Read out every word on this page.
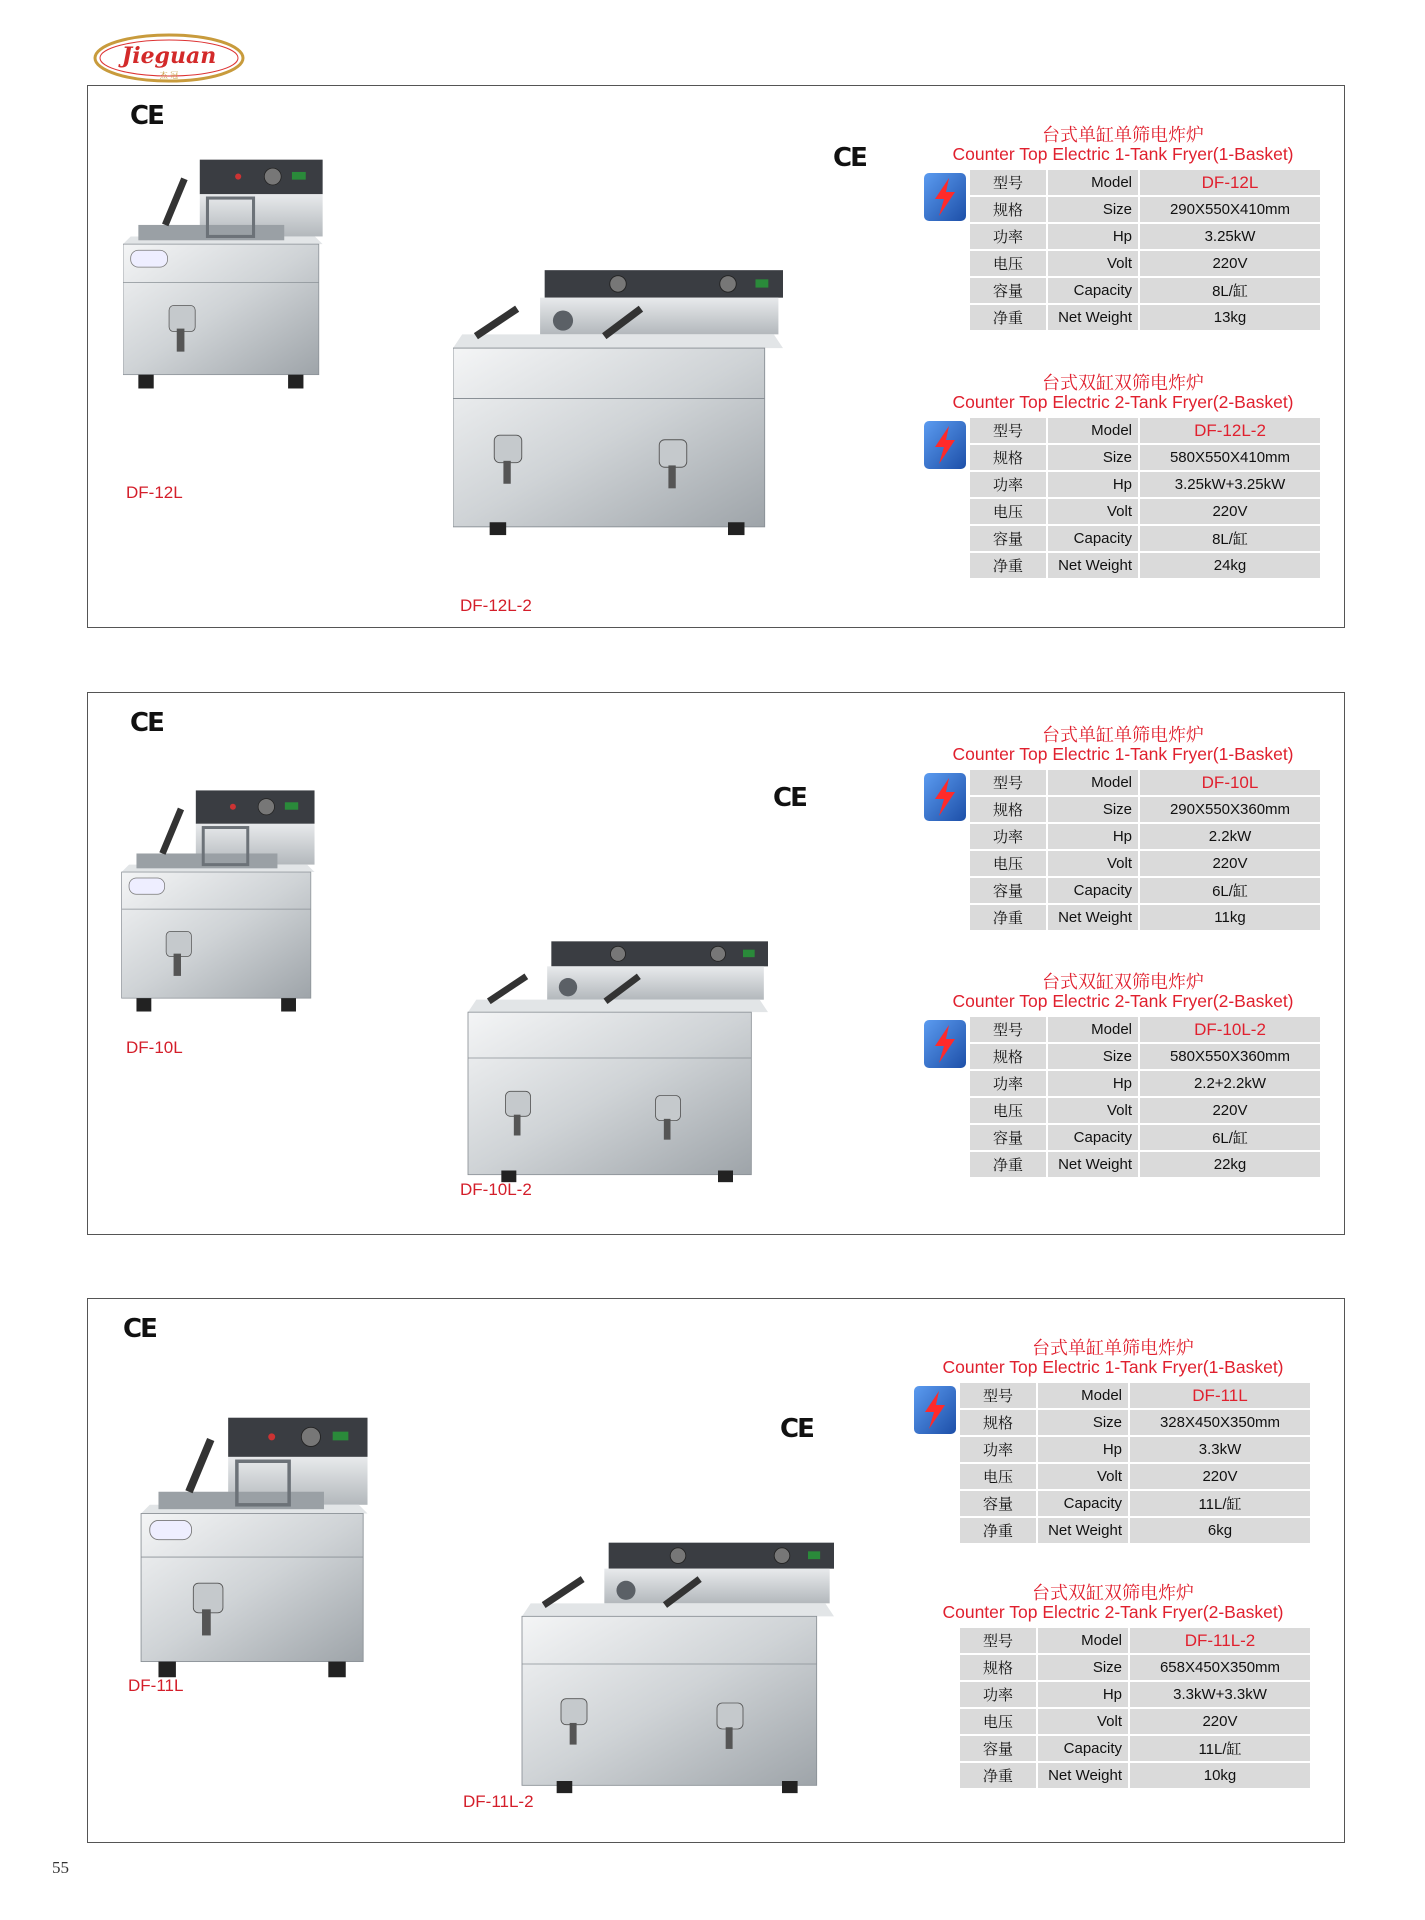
Jieguan
杰 冠
CE
CE
DF-12L
DF-12L-2
台式单缸单筛电炸炉
Counter Top Electric 1-Tank Fryer(1-Basket)
型号	Model	DF-12L
规格	Size	290X550X410mm
功率	Hp	3.25kW
电压	Volt	220V
容量	Capacity	8L/缸
净重	Net Weight	13kg
台式双缸双筛电炸炉
Counter Top Electric 2-Tank Fryer(2-Basket)
型号	Model	DF-12L-2
规格	Size	580X550X410mm
功率	Hp	3.25kW+3.25kW
电压	Volt	220V
容量	Capacity	8L/缸
净重	Net Weight	24kg
CE
CE
DF-10L
DF-10L-2
台式单缸单筛电炸炉
Counter Top Electric 1-Tank Fryer(1-Basket)
型号	Model	DF-10L
规格	Size	290X550X360mm
功率	Hp	2.2kW
电压	Volt	220V
容量	Capacity	6L/缸
净重	Net Weight	11kg
台式双缸双筛电炸炉
Counter Top Electric 2-Tank Fryer(2-Basket)
型号	Model	DF-10L-2
规格	Size	580X550X360mm
功率	Hp	2.2+2.2kW
电压	Volt	220V
容量	Capacity	6L/缸
净重	Net Weight	22kg
CE
CE
DF-11L
DF-11L-2
台式单缸单筛电炸炉
Counter Top Electric 1-Tank Fryer(1-Basket)
型号	Model	DF-11L
规格	Size	328X450X350mm
功率	Hp	3.3kW
电压	Volt	220V
容量	Capacity	11L/缸
净重	Net Weight	6kg
台式双缸双筛电炸炉
Counter Top Electric 2-Tank Fryer(2-Basket)
型号	Model	DF-11L-2
规格	Size	658X450X350mm
功率	Hp	3.3kW+3.3kW
电压	Volt	220V
容量	Capacity	11L/缸
净重	Net Weight	10kg
55
